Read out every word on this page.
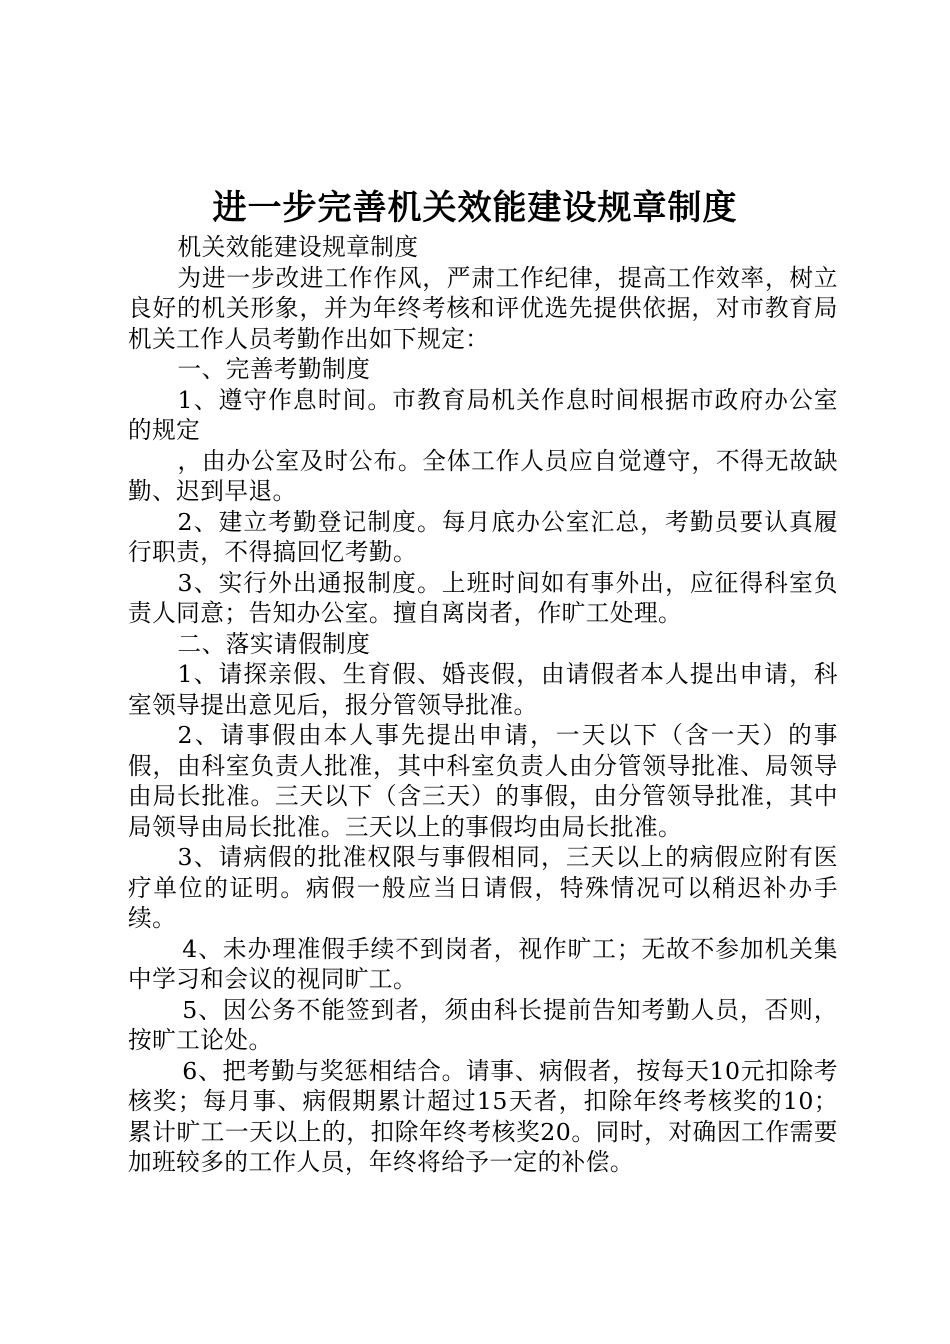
进一步完善机关效能建设规章制度

机关效能建设规章制度

为进一步改进工作作风，严肃工作纪律，提高工作效率，树立良好的机关形象，并为年终考核和评优选先提供依据，对市教育局机关工作人员考勤作出如下规定：

一、完善考勤制度

1、遵守作息时间。市教育局机关作息时间根据市政府办公室的规定

，由办公室及时公布。全体工作人员应自觉遵守，不得无故缺勤、迟到早退。

2、建立考勤登记制度。每月底办公室汇总，考勤员要认真履行职责，不得搞回忆考勤。

3、实行外出通报制度。上班时间如有事外出，应征得科室负责人同意；告知办公室。擅自离岗者，作旷工处理。

二、落实请假制度

1、请探亲假、生育假、婚丧假，由请假者本人提出申请，科室领导提出意见后，报分管领导批准。

2、请事假由本人事先提出申请，一天以下（含一天）的事假，由科室负责人批准，其中科室负责人由分管领导批准、局领导由局长批准。三天以下（含三天）的事假，由分管领导批准，其中局领导由局长批准。三天以上的事假均由局长批准。

3、请病假的批准权限与事假相同，三天以上的病假应附有医疗单位的证明。病假一般应当日请假，特殊情况可以稍迟补办手续。

4、未办理准假手续不到岗者，视作旷工；无故不参加机关集中学习和会议的视同旷工。

5、因公务不能签到者，须由科长提前告知考勤人员，否则，按旷工论处。

6、把考勤与奖惩相结合。请事、病假者，按每天10元扣除考核奖；每月事、病假期累计超过15天者，扣除年终考核奖的10；累计旷工一天以上的，扣除年终考核奖20。同时，对确因工作需要加班较多的工作人员，年终将给予一定的补偿。
